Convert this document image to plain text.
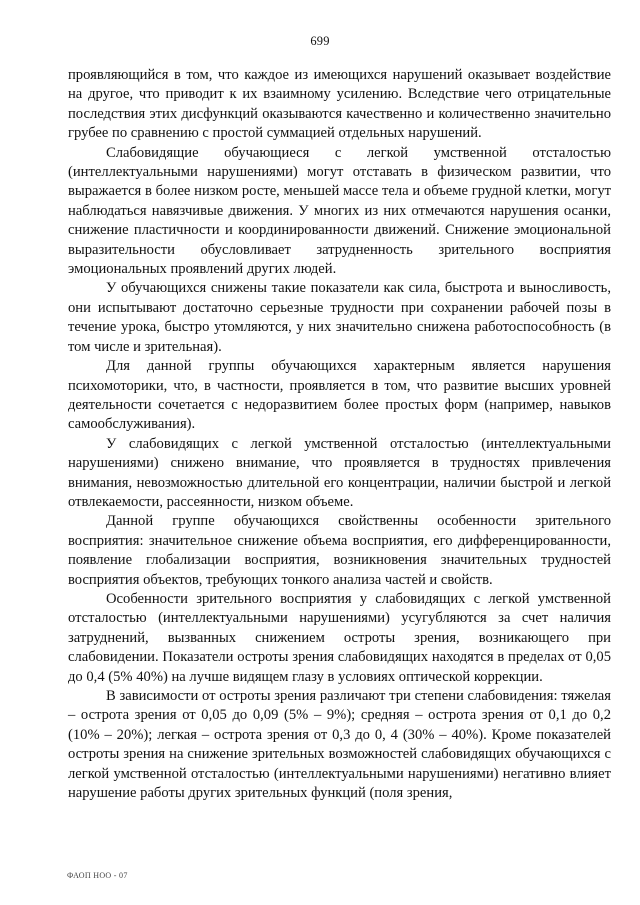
699

проявляющийся в том, что каждое из имеющихся нарушений оказывает воздействие на другое, что приводит к их взаимному усилению. Вследствие чего отрицательные последствия этих дисфункций оказываются качественно и количественно значительно грубее по сравнению с простой суммацией отдельных нарушений.

Слабовидящие обучающиеся с легкой умственной отсталостью (интеллектуальными нарушениями) могут отставать в физическом развитии, что выражается в более низком росте, меньшей массе тела и объеме грудной клетки, могут наблюдаться навязчивые движения. У многих из них отмечаются нарушения осанки, снижение пластичности и координированности движений. Снижение эмоциональной выразительности обусловливает затрудненность зрительного восприятия эмоциональных проявлений других людей.

У обучающихся снижены такие показатели как сила, быстрота и выносливость, они испытывают достаточно серьезные трудности при сохранении рабочей позы в течение урока, быстро утомляются, у них значительно снижена работоспособность (в том числе и зрительная).

Для данной группы обучающихся характерным является нарушения психомоторики, что, в частности, проявляется в том, что развитие высших уровней деятельности сочетается с недоразвитием более простых форм (например, навыков самообслуживания).

У слабовидящих с легкой умственной отсталостью (интеллектуальными нарушениями) снижено внимание, что проявляется в трудностях привлечения внимания, невозможностью длительной его концентрации, наличии быстрой и легкой отвлекаемости, рассеянности, низком объеме.

Данной группе обучающихся свойственны особенности зрительного восприятия: значительное снижение объема восприятия, его дифференцированности, появление глобализации восприятия, возникновения значительных трудностей восприятия объектов, требующих тонкого анализа частей и свойств.

Особенности зрительного восприятия у слабовидящих с легкой умственной отсталостью (интеллектуальными нарушениями) усугубляются за счет наличия затруднений, вызванных снижением остроты зрения, возникающего при слабовидении. Показатели остроты зрения слабовидящих находятся в пределах от 0,05 до 0,4 (5% 40%) на лучше видящем глазу в условиях оптической коррекции.

В зависимости от остроты зрения различают три степени слабовидения: тяжелая – острота зрения от 0,05 до 0,09 (5% – 9%); средняя – острота зрения от 0,1 до 0,2 (10% – 20%); легкая – острота зрения от 0,3 до 0, 4 (30% – 40%). Кроме показателей остроты зрения на снижение зрительных возможностей слабовидящих обучающихся с легкой умственной отсталостью (интеллектуальными нарушениями) негативно влияет нарушение работы других зрительных функций (поля зрения,

ФАОП НОО - 07
